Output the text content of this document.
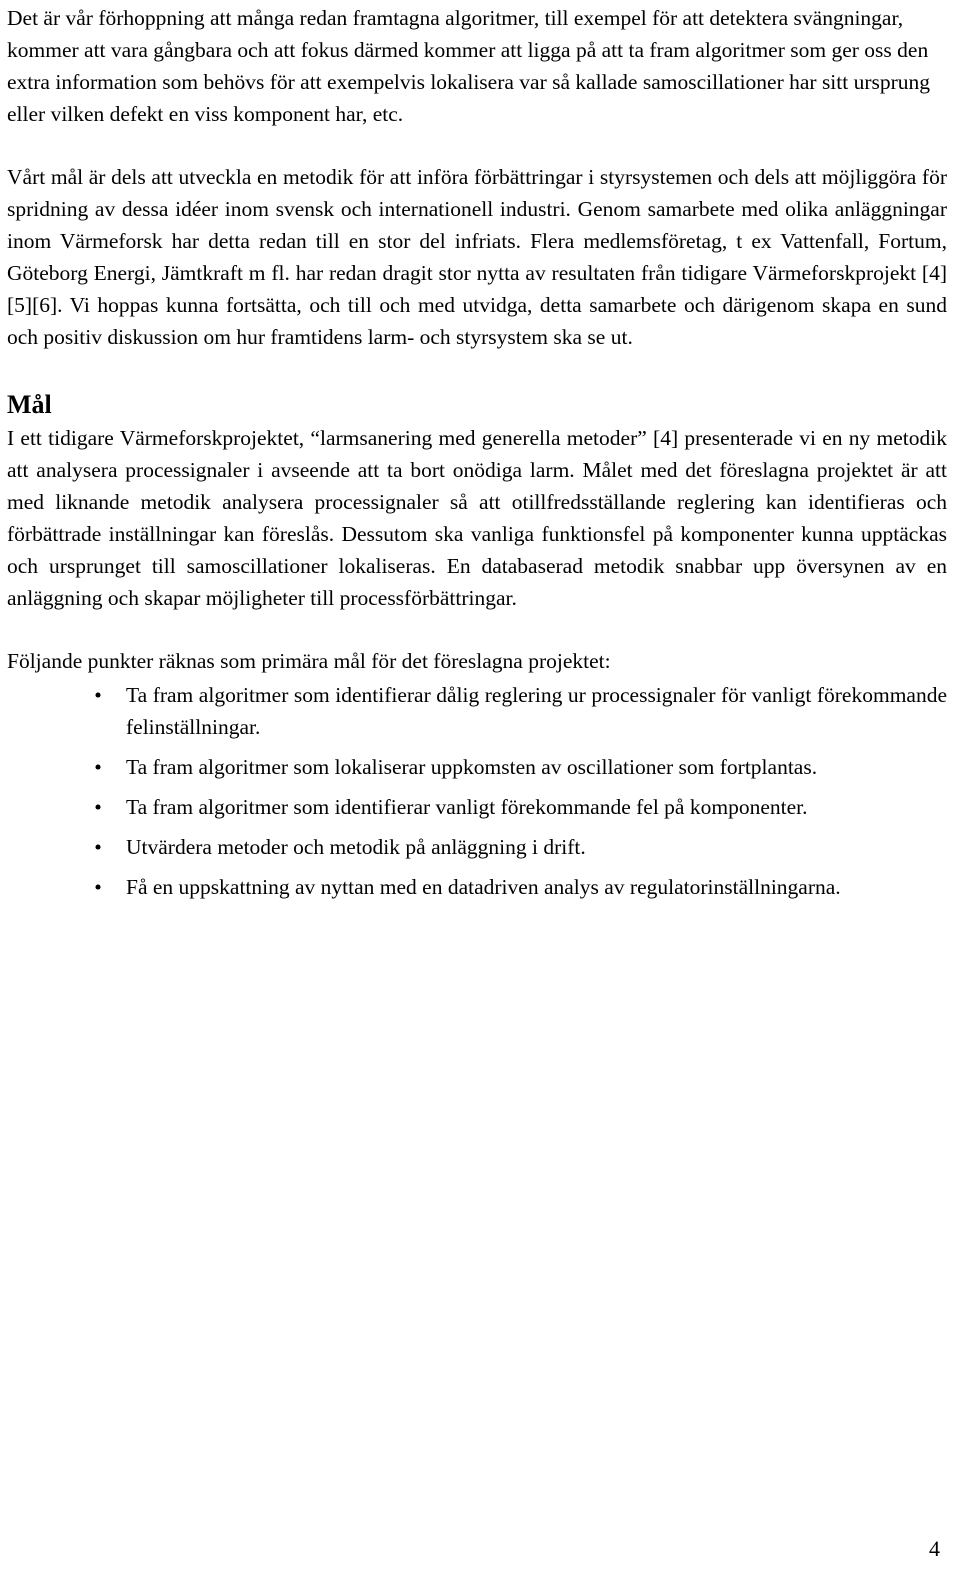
Det är vår förhoppning att många redan framtagna algoritmer, till exempel för att detektera svängningar, kommer att vara gångbara och att fokus därmed kommer att ligga på att ta fram algoritmer som ger oss den extra information som behövs för att exempelvis lokalisera var så kallade samoscillationer har sitt ursprung eller vilken defekt en viss komponent har, etc.

Vårt mål är dels att utveckla en metodik för att införa förbättringar i styrsystemen och dels att möjliggöra för spridning av dessa idéer inom svensk och internationell industri. Genom samarbete med olika anläggningar inom Värmeforsk har detta redan till en stor del infriats. Flera medlemsföretag, t ex Vattenfall, Fortum, Göteborg Energi, Jämtkraft m fl. har redan dragit stor nytta av resultaten från tidigare Värmeforskprojekt [4][5][6]. Vi hoppas kunna fortsätta, och till och med utvidga, detta samarbete och därigenom skapa en sund och positiv diskussion om hur framtidens larm- och styrsystem ska se ut.

Mål

I ett tidigare Värmeforskprojektet, “larmsanering med generella metoder” [4] presenterade vi en ny metodik att analysera processignaler i avseende att ta bort onödiga larm. Målet med det föreslagna projektet är att med liknande metodik analysera processignaler så att otillfredsställande reglering kan identifieras och förbättrade inställningar kan föreslås. Dessutom ska vanliga funktionsfel på komponenter kunna upptäckas och ursprunget till samoscillationer lokaliseras. En databaserad metodik snabbar upp översynen av en anläggning och skapar möjligheter till processförbättringar.

Följande punkter räknas som primära mål för det föreslagna projektet:

• Ta fram algoritmer som identifierar dålig reglering ur processignaler för vanligt förekommande felinställningar.
• Ta fram algoritmer som lokaliserar uppkomsten av oscillationer som fortplantas.
• Ta fram algoritmer som identifierar vanligt förekommande fel på komponenter.
• Utvärdera metoder och metodik på anläggning i drift.
• Få en uppskattning av nyttan med en datadriven analys av regulatorinställningarna.
4
